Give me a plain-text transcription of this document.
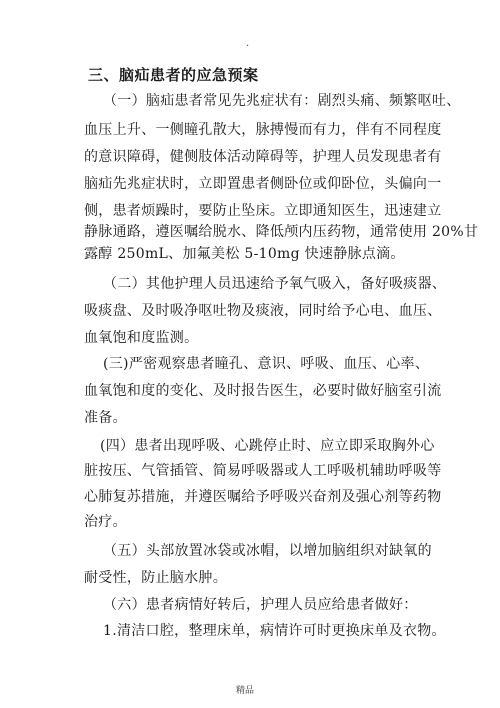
.
三、脑疝患者的应急预案
（一）脑疝患者常见先兆症状有：剧烈头痛、频繁呕吐、
血压上升、一侧瞳孔散大，脉搏慢而有力，伴有不同程度
的意识障碍，健侧肢体活动障碍等，护理人员发现患者有
脑疝先兆症状时，立即置患者侧卧位或仰卧位，头偏向一
侧，患者烦躁时，要防止坠床。立即通知医生，迅速建立
静脉通路，遵医嘱给脱水、降低颅内压药物，通常使用 20%甘
露醇 250mL、加氟美松 5-10mg 快速静脉点滴。
（二）其他护理人员迅速给予氧气吸入，备好吸痰器、
吸痰盘、及时吸净呕吐物及痰液，同时给予心电、血压、
血氧饱和度监测。
(三)严密观察患者瞳孔、意识、呼吸、血压、心率、
血氧饱和度的变化、及时报告医生，必要时做好脑室引流
准备。
(四）患者出现呼吸、心跳停止时、应立即采取胸外心
脏按压、气管插管、简易呼吸器或人工呼吸机辅助呼吸等
心肺复苏措施，并遵医嘱给予呼吸兴奋剂及强心剂等药物
治疗。
（五）头部放置冰袋或冰帽，以增加脑组织对缺氧的
耐受性，防止脑水肿。
（六）患者病情好转后，护理人员应给患者做好：
1.清洁口腔，整理床单，病情许可时更换床单及衣物。
精品
